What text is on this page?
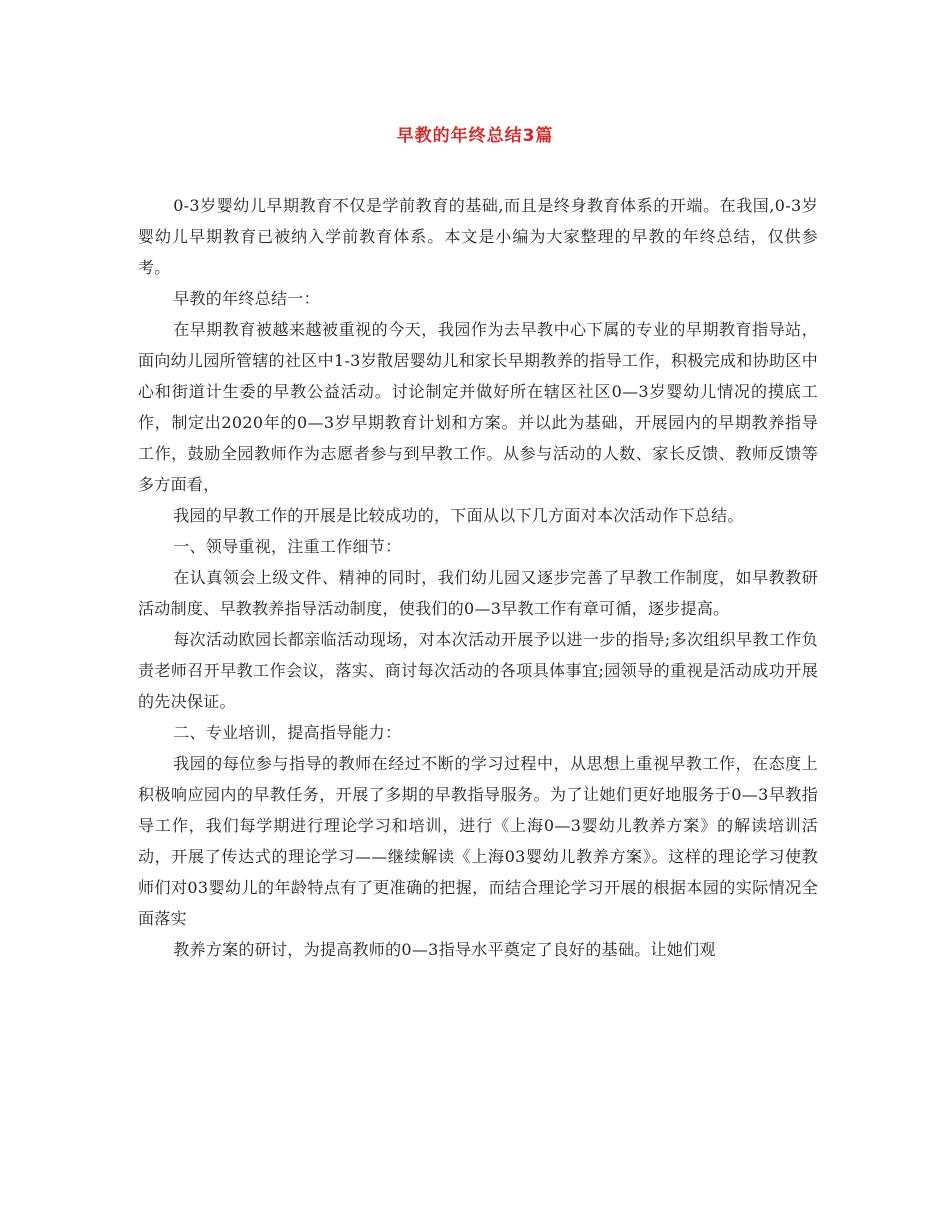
早教的年终总结3篇

0-3岁婴幼儿早期教育不仅是学前教育的基础,而且是终身教育体系的开端。在我国,0-3岁婴幼儿早期教育已被纳入学前教育体系。本文是小编为大家整理的早教的年终总结，仅供参考。

早教的年终总结一：

在早期教育被越来越被重视的今天，我园作为去早教中心下属的专业的早期教育指导站，面向幼儿园所管辖的社区中1-3岁散居婴幼儿和家长早期教养的指导工作，积极完成和协助区中心和街道计生委的早教公益活动。讨论制定并做好所在辖区社区0—3岁婴幼儿情况的摸底工作，制定出2020年的0—3岁早期教育计划和方案。并以此为基础，开展园内的早期教养指导工作，鼓励全园教师作为志愿者参与到早教工作。从参与活动的人数、家长反馈、教师反馈等多方面看，

我园的早教工作的开展是比较成功的，下面从以下几方面对本次活动作下总结。

一、领导重视，注重工作细节：

在认真领会上级文件、精神的同时，我们幼儿园又逐步完善了早教工作制度，如早教教研活动制度、早教教养指导活动制度，使我们的0—3早教工作有章可循，逐步提高。

每次活动欧园长都亲临活动现场，对本次活动开展予以进一步的指导;多次组织早教工作负责老师召开早教工作会议，落实、商讨每次活动的各项具体事宜;园领导的重视是活动成功开展的先决保证。

二、专业培训，提高指导能力：

我园的每位参与指导的教师在经过不断的学习过程中，从思想上重视早教工作，在态度上积极响应园内的早教任务，开展了多期的早教指导服务。为了让她们更好地服务于0—3早教指导工作，我们每学期进行理论学习和培训，进行《上海0—3婴幼儿教养方案》的解读培训活动，开展了传达式的理论学习——继续解读《上海03婴幼儿教养方案》。这样的理论学习使教师们对03婴幼儿的年龄特点有了更准确的把握，而结合理论学习开展的根据本园的实际情况全面落实

教养方案的研讨，为提高教师的0—3指导水平奠定了良好的基础。让她们观
